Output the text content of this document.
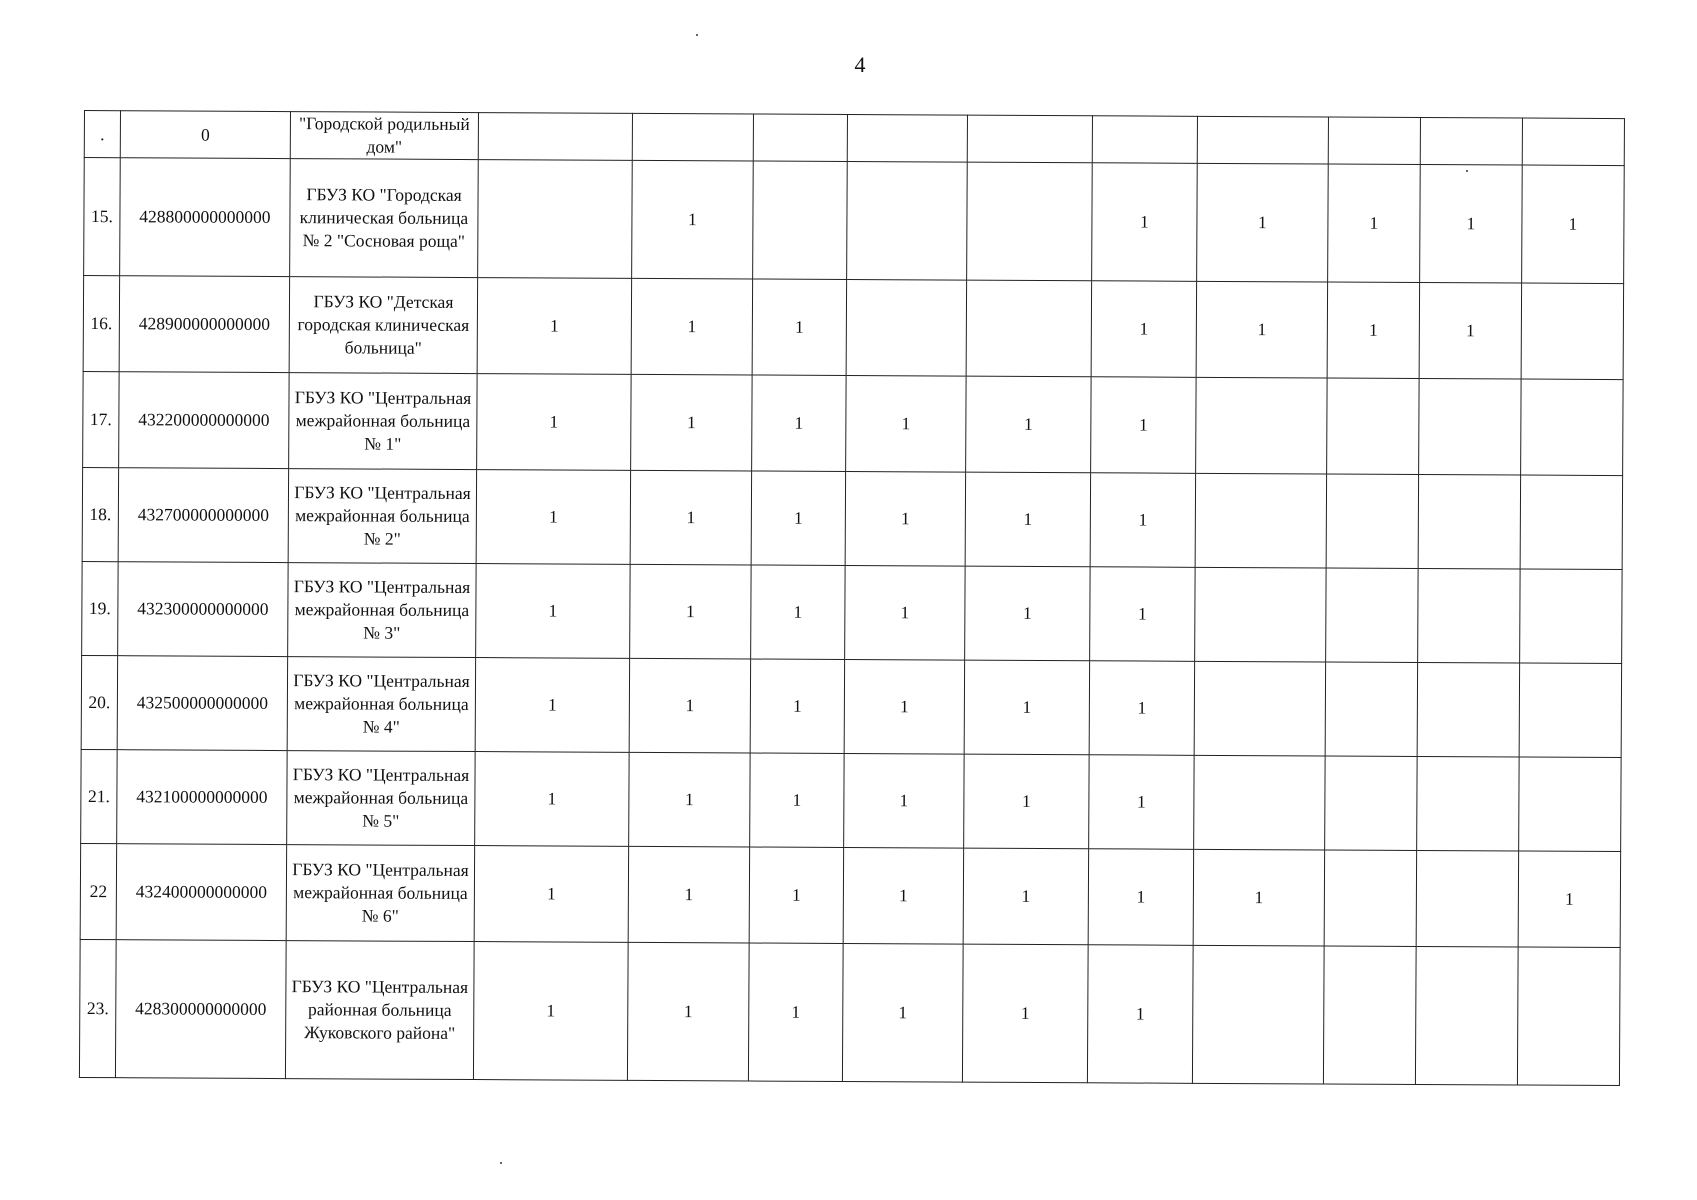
4
.	0	"Городской родильный дом"										
15.	428800000000000	ГБУЗ КО "Городская клиническая больница № 2 "Сосновая роща"		1				1	1	1	1	1
16.	428900000000000	ГБУЗ КО "Детская городская клиническая больница"	1	1	1			1	1	1	1	
17.	432200000000000	ГБУЗ КО "Центральная межрайонная больница № 1"	1	1	1	1	1	1				
18.	432700000000000	ГБУЗ КО "Центральная межрайонная больница № 2"	1	1	1	1	1	1				
19.	432300000000000	ГБУЗ КО "Центральная межрайонная больница № 3"	1	1	1	1	1	1				
20.	432500000000000	ГБУЗ КО "Центральная межрайонная больница № 4"	1	1	1	1	1	1				
21.	432100000000000	ГБУЗ КО "Центральная межрайонная больница № 5"	1	1	1	1	1	1				
22	432400000000000	ГБУЗ КО "Центральная межрайонная больница № 6"	1	1	1	1	1	1	1			1
23.	428300000000000	ГБУЗ КО "Центральная районная больница Жуковского района"	1	1	1	1	1	1				
